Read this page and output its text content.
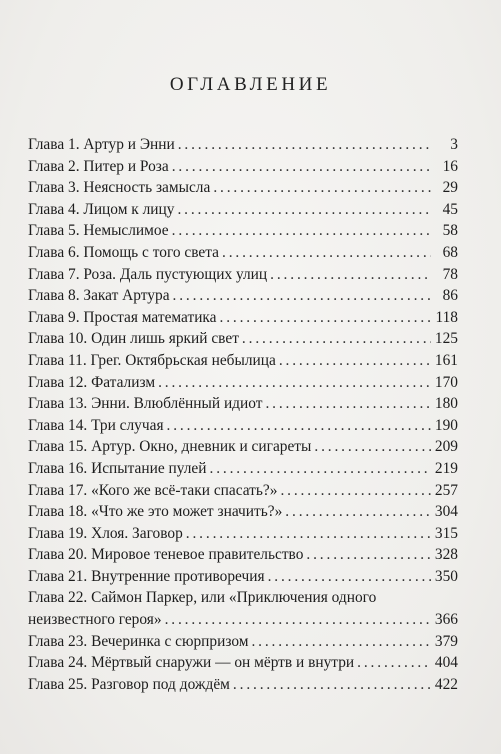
ОГЛАВЛЕНИЕ
Глава 1. Артур и Энни . . .	3
Глава 2. Питер и Роза . . .	16
Глава 3. Неясность замысла . . .	29
Глава 4. Лицом к лицу . . .	45
Глава 5. Немыслимое . . .	58
Глава 6. Помощь с того света . . .	68
Глава 7. Роза. Даль пустующих улиц . . .	78
Глава 8. Закат Артура . . .	86
Глава 9. Простая математика . . .	118
Глава 10. Один лишь яркий свет . . .	125
Глава 11. Грег. Октябрьская небылица . . .	161
Глава 12. Фатализм . . .	170
Глава 13. Энни. Влюблённый идиот . . .	180
Глава 14. Три случая . . .	190
Глава 15. Артур. Окно, дневник и сигареты . . .	209
Глава 16. Испытание пулей . . .	219
Глава 17. «Кого же всё-таки спасать?» . . .	257
Глава 18. «Что же это может значить?» . . .	304
Глава 19. Хлоя. Заговор . . .	315
Глава 20. Мировое теневое правительство . . .	328
Глава 21. Внутренние противоречия . . .	350
Глава 22. Саймон Паркер, или «Приключения одного
неизвестного героя» . . .	366
Глава 23. Вечеринка с сюрпризом . . .	379
Глава 24. Мёртвый снаружи — он мёртв и внутри . . .	404
Глава 25. Разговор под дождём . . .	422
